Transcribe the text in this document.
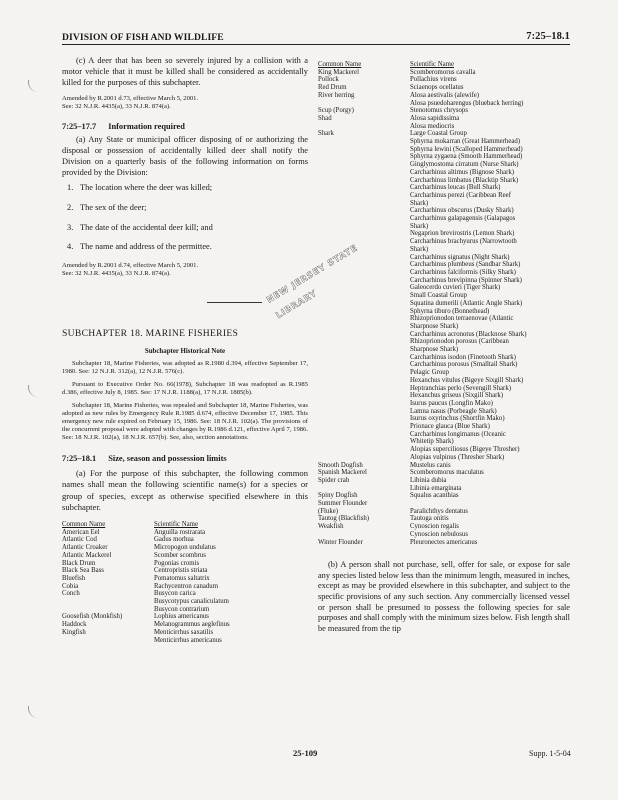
DIVISION OF FISH AND WILDLIFE	7:25–18.1

(c) A deer that has been so severely injured by a collision with a motor vehicle that it must be killed shall be considered as accidentally killed for the purposes of this subchapter.

Amended by R.2001 d.73, effective March 5, 2001.
See: 32 N.J.R. 4435(a), 33 N.J.R. 874(a).
7:25–17.7 Information required

(a) Any State or municipal officer disposing of or authorizing the disposal or possession of accidentally killed deer shall notify the Division on a quarterly basis of the following information on forms provided by the Division:

1. The location where the deer was killed;
2. The sex of the deer;
3. The date of the accidental deer kill; and
4. The name and address of the permittee.
Amended by R.2001 d.74, effective March 5, 2001.
See: 32 N.J.R. 4435(a), 33 N.J.R. 874(a).
SUBCHAPTER 18. MARINE FISHERIES
Subchapter Historical Note

Subchapter 18, Marine Fisheries, was adopted as R.1980 d.394, effective September 17, 1980. See: 12 N.J.R. 312(a), 12 N.J.R. 576(c).

Pursuant to Executive Order No. 66(1978), Subchapter 18 was readopted as R.1985 d.386, effective July 8, 1985. See: 17 N.J.R. 1188(a), 17 N.J.R. 1885(b).

Subchapter 18, Marine Fisheries, was repealed and Subchapter 18, Marine Fisheries, was adopted as new rules by Emergency Rule R.1985 d.674, effective December 17, 1985. This emergency new rule expired on February 15, 1986. See: 18 N.J.R. 102(a). The provisions of the concurrent proposal were adopted with changes by R.1986 d.121, effective April 7, 1986. See: 18 N.J.R. 102(a), 18 N.J.R. 657(b). See, also, section annotations.

7:25–18.1 Size, season and possession limits

(a) For the purpose of this subchapter, the following common names shall mean the following scientific name(s) for a species or group of species, except as otherwise specified elsewhere in this subchapter.

Common Name	Scientific Name
American Eel	Anguilla rostrarata
Atlantic Cod	Gadus morhua
Atlantic Croaker	Micropogon undulatus
Atlantic Mackerel	Scomber scombrus
Black Drum	Pogonias cromis
Black Sea Bass	Centropristis striata
Bluefish	Pomatomus saltatrix
Cobia	Rachycentron canadum
Conch	Busycon carica
	Busycotypus canaliculatum
	Busycon contrarium
Goosefish (Monkfish)	Lophius americanus
Haddock	Melanogrammus aeglefinus
Kingfish	Menticirrhus saxatilis
	Menticirrhus americanus
Common Name	Scientific Name
King Mackerel	Scomberomorus cavalla
Pollock	Pollachius virens
Red Drum	Sciaenops ocellatus
River herring	Alosa aestivalis (alewife)
	Alosa psuedoharengus (blueback herring)
Scup (Porgy)	Stenotomus chrysops
Shad	Alosa sapidissima
	Alosa mediocris
Shark	Large Coastal Group
	Sphyrna mokarran (Great Hammerhead)
	Sphyrna lewini (Scalloped Hammerhead)
	Sphyrna zygaena (Smooth Hammerhead)
	Ginglymostoma cirratum (Nurse Shark)
	Carcharhinus altimus (Bignose Shark)
	Carcharhinus limbatus (Blacktip Shark)
	Carcharhinus leucas (Bull Shark)
	Carcharhinus perezi (Caribbean Reef
	Shark)
	Carcharhinus obscurus (Dusky Shark)
	Carcharhinus galapagensis (Galapagos
	Shark)
	Negaprion brevirostris (Lemon Shark)
	Carcharhinus brachyurus (Narrowtooth
	Shark)
	Carcharhinus signatus (Night Shark)
	Carcharhinus plumbeus (Sandbar Shark)
	Carcharhinus falciformis (Silky Shark)
	Carcharhinus brevipinna (Spinner Shark)
	Galeocerdo cuvieri (Tiger Shark)
	Small Coastal Group
	Squatina dumerili (Atlantic Angle Shark)
	Sphyrna tiburo (Bonnethead)
	Rhizoprionodon terraenovae (Atlantic
	Sharpnose Shark)
	Carcharhinus acronotus (Blacknose Shark)
	Rhizoprionodon porosus (Caribbean
	Sharpnose Shark)
	Carcharhinus isodon (Finetooth Shark)
	Carcharhinus porosus (Smalltail Shark)
	Pelagic Group
	Hexanchus vitulus (Bigeye Sixgill Shark)
	Heptranchias perlo (Sevengill Shark)
	Hexanchus griseus (Sixgill Shark)
	Isurus paucus (Longfin Mako)
	Lamna nasus (Porbeagle Shark)
	Isurus oxyrinchus (Shortfin Mako)
	Prionace glauca (Blue Shark)
	Carcharhinus longimanus (Oceanic
	Whitetip Shark)
	Alopias superciliosus (Bigeye Thresher)
	Alopias vulpinus (Thresher Shark)
Smooth Dogfish	Mustelus canis
Spanish Mackerel	Scomberomorus maculatus
Spider crab	Libinia dubia
	Libinia emarginata
Spiny Dogfish	Squalus acanthias
Summer Flounder	
(Fluke)	Paralichthys dentatus
Tautog (Blackfish)	Tautoga onitis
Weakfish	Cynoscion regalis
	Cynoscion nebulosus
Winter Flounder	Pleuronectes americanus

(b) A person shall not purchase, sell, offer for sale, or expose for sale any species listed below less than the minimum length, measured in inches, except as may be provided elsewhere in this subchapter, and subject to the specific provisions of any such section. Any commercially licensed vessel or person shall be presumed to possess the following species for sale purposes and shall comply with the minimum sizes below. Fish length shall be measured from the tip

NEW JERSEY STATE LIBRARY
25-109	Supp. 1-5-04
